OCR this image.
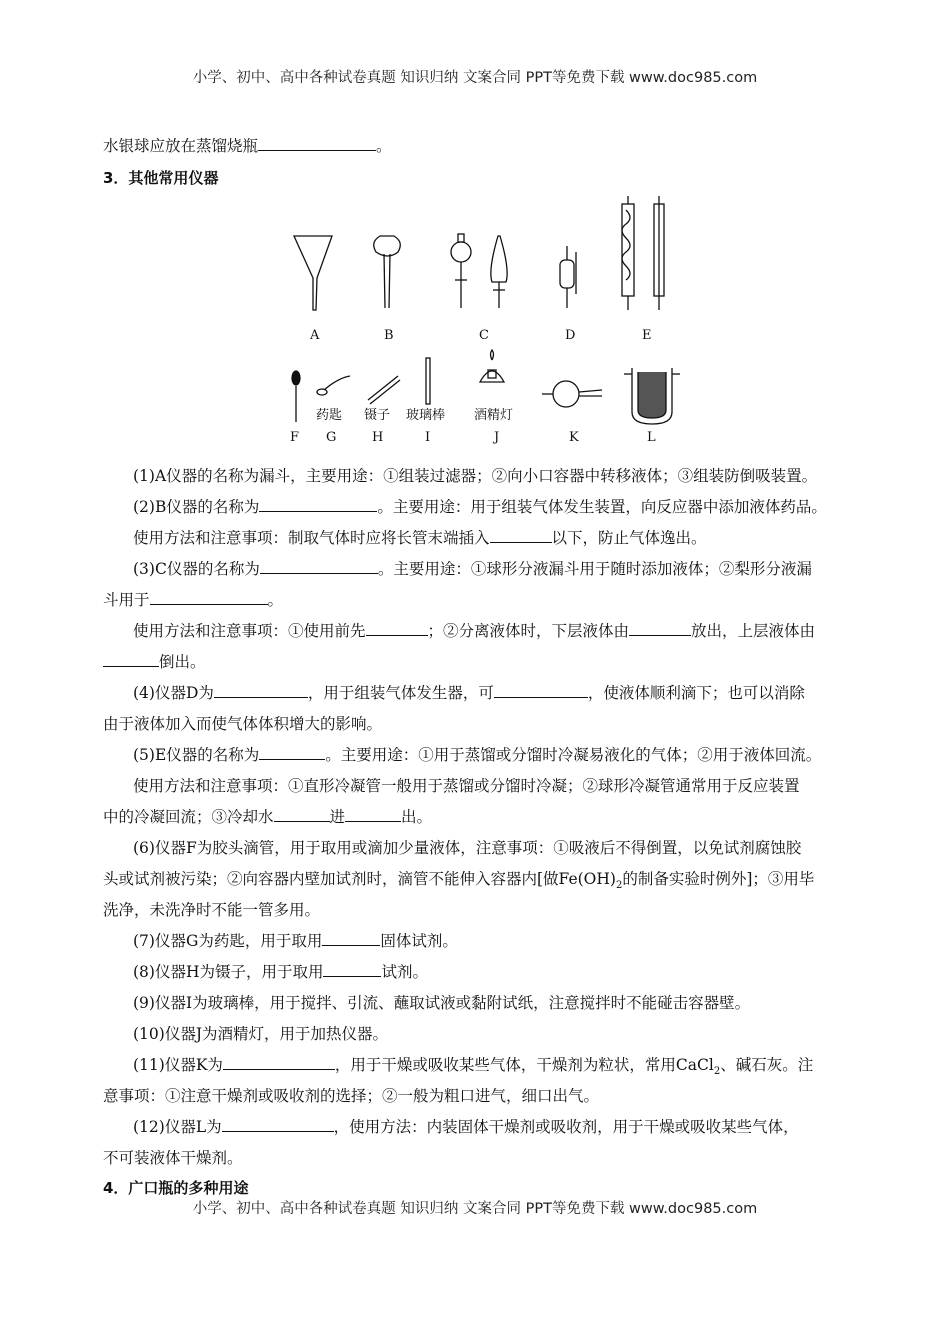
小学、初中、高中各种试卷真题 知识归纳 文案合同 PPT等免费下载 www.doc985.com
水银球应放在蒸馏烧瓶	。
3．其他常用仪器
(1)A仪器的名称为漏斗，主要用途：①组装过滤器；②向小口容器中转移液体；③组装防倒吸装置。
(2)B仪器的名称为	。主要用途：用于组装气体发生装置，向反应器中添加液体药品。
使用方法和注意事项：制取气体时应将长管末端插入	以下，防止气体逸出。
(3)C仪器的名称为	。主要用途：①球形分液漏斗用于随时添加液体；②梨形分液漏
斗用于	。
使用方法和注意事项：①使用前先	；②分离液体时，下层液体由	放出，上层液体由
倒出。
(4)仪器D为	，用于组装气体发生器，可	，使液体顺利滴下；也可以消除
由于液体加入而使气体体积增大的影响。
(5)E仪器的名称为	。主要用途：①用于蒸馏或分馏时冷凝易液化的气体；②用于液体回流。
使用方法和注意事项：①直形冷凝管一般用于蒸馏或分馏时冷凝；②球形冷凝管通常用于反应装置
中的冷凝回流；③冷却水	进	出。
(6)仪器F为胶头滴管，用于取用或滴加少量液体，注意事项：①吸液后不得倒置，以免试剂腐蚀胶
头或试剂被污染；②向容器内壁加试剂时，滴管不能伸入容器内[做$Fe(OH)_2$的制备实验时例外]；③用毕
洗净，未洗净时不能一管多用。
(7)仪器G为药匙，用于取用	固体试剂。
(8)仪器H为镊子，用于取用	试剂。
(9)仪器I为玻璃棒，用于搅拌、引流、蘸取试液或黏附试纸，注意搅拌时不能碰击容器壁。
(10)仪器J为酒精灯，用于加热仪器。
(11)仪器K为	，用于干燥或吸收某些气体，干燥剂为粒状，常用CaCl$_2$、碱石灰。注
意事项：①注意干燥剂或吸收剂的选择；②一般为粗口进气，细口出气。
(12)仪器L为	，使用方法：内装固体干燥剂或吸收剂，用于干燥或吸收某些气体，
不可装液体干燥剂。
4．广口瓶的多种用途
A	B	C	D	E
药匙 镊子 玻璃棒 酒精灯
F G	H	I	J	K	L
小学、初中、高中各种试卷真题 知识归纳 文案合同 PPT等免费下载 www.doc985.com
